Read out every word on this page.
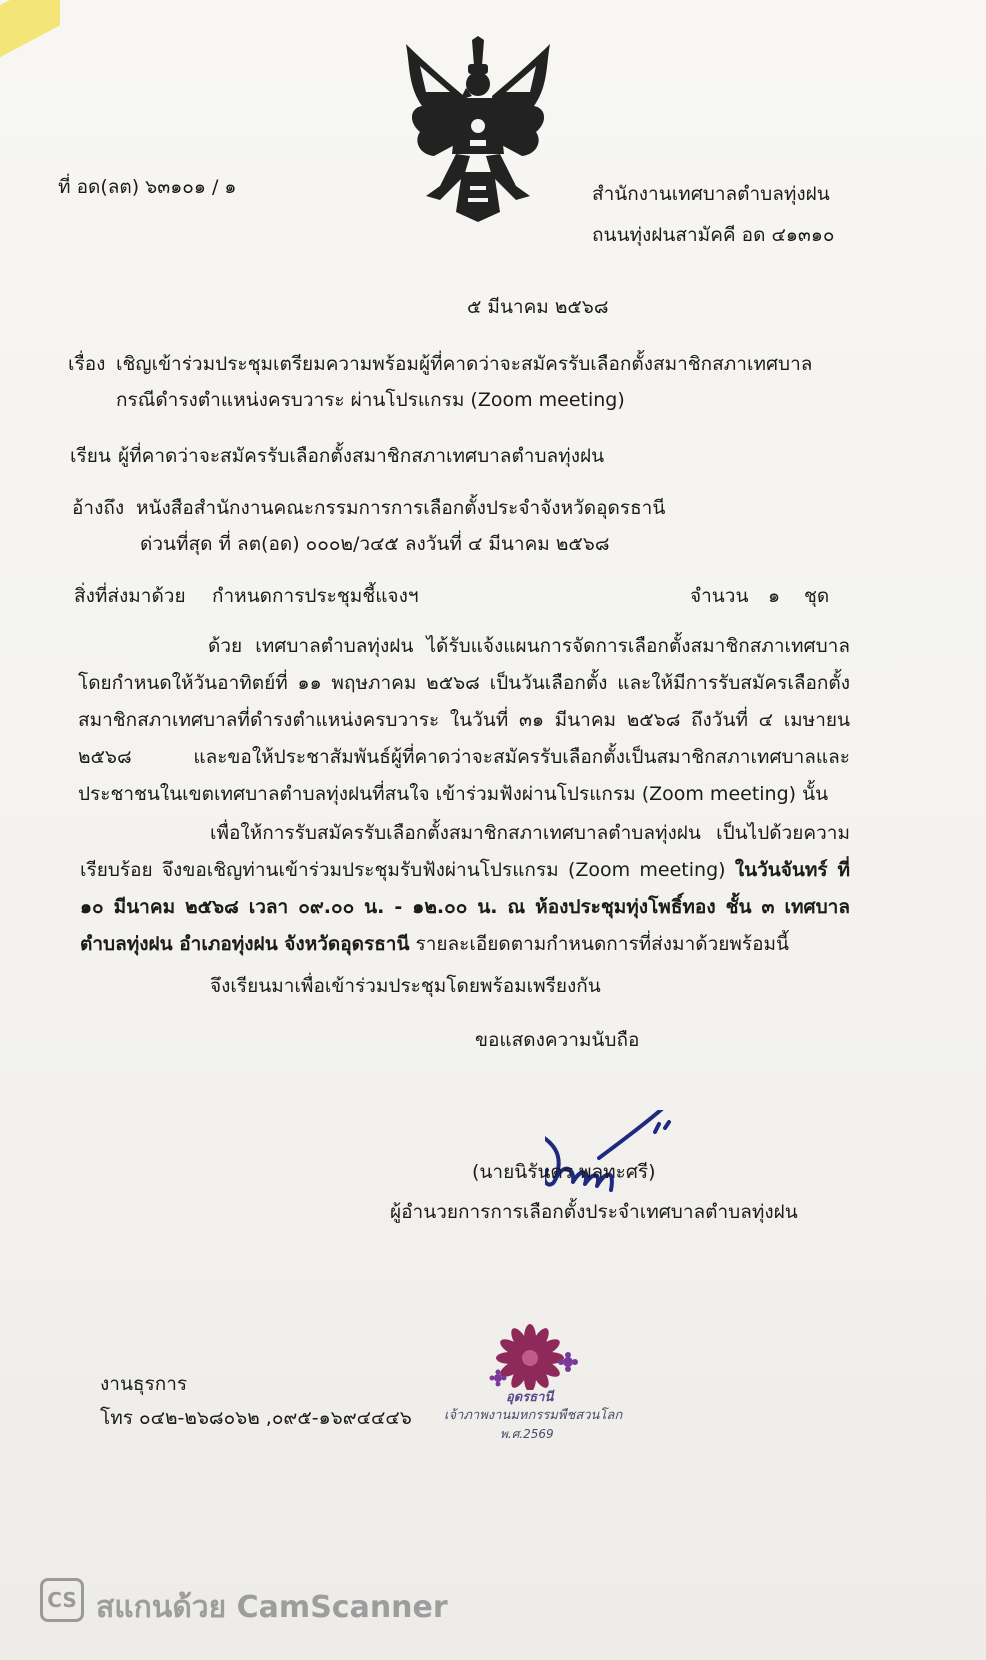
ที่ อด(ลต) ๖๓๑๐๑ / ๑	สำนักงานเทศบาลตำบลทุ่งฝน
ถนนทุ่งฝนสามัคคี อด ๔๑๓๑๐
๕ มีนาคม ๒๕๖๘
เรื่อง เชิญเข้าร่วมประชุมเตรียมความพร้อมผู้ที่คาดว่าจะสมัครรับเลือกตั้งสมาชิกสภาเทศบาล
กรณีดำรงตำแหน่งครบวาระ ผ่านโปรแกรม (Zoom meeting)
เรียน ผู้ที่คาดว่าจะสมัครรับเลือกตั้งสมาชิกสภาเทศบาลตำบลทุ่งฝน
อ้างถึง หนังสือสำนักงานคณะกรรมการการเลือกตั้งประจำจังหวัดอุดรธานี
ด่วนที่สุด ที่ ลต(อด) ๐๐๐๒/ว๔๕ ลงวันที่ ๔ มีนาคม ๒๕๖๘
สิ่งที่ส่งมาด้วย กำหนดการประชุมชี้แจงฯ	จำนวน ๑ ชุด
ด้วย เทศบาลตำบลทุ่งฝน ได้รับแจ้งแผนการจัดการเลือกตั้งสมาชิกสภาเทศบาล โดยกำหนดให้วันอาทิตย์ที่ ๑๑ พฤษภาคม ๒๕๖๘ เป็นวันเลือกตั้ง และให้มีการรับสมัครเลือกตั้งสมาชิกสภาเทศบาลที่ดำรงตำแหน่งครบวาระ ในวันที่ ๓๑ มีนาคม ๒๕๖๘ ถึงวันที่ ๔ เมษายน ๒๕๖๘ และขอให้ประชาสัมพันธ์ผู้ที่คาดว่าจะสมัครรับเลือกตั้งเป็นสมาชิกสภาเทศบาลและประชาชนในเขตเทศบาลตำบลทุ่งฝนที่สนใจ เข้าร่วมฟังผ่านโปรแกรม (Zoom meeting) นั้น
เพื่อให้การรับสมัครรับเลือกตั้งสมาชิกสภาเทศบาลตำบลทุ่งฝน เป็นไปด้วยความเรียบร้อย จึงขอเชิญท่านเข้าร่วมประชุมรับฟังผ่านโปรแกรม (Zoom meeting) ในวันจันทร์ ที่ ๑๐ มีนาคม ๒๕๖๘ เวลา ๐๙.๐๐ น. - ๑๒.๐๐ น. ณ ห้องประชุมทุ่งโพธิ์ทอง ชั้น ๓ เทศบาลตำบลทุ่งฝน อำเภอทุ่งฝน จังหวัดอุดรธานี รายละเอียดตามกำหนดการที่ส่งมาด้วยพร้อมนี้
จึงเรียนมาเพื่อเข้าร่วมประชุมโดยพร้อมเพรียงกัน
ขอแสดงความนับถือ
(นายนิรันดร พลทะศรี)
ผู้อำนวยการการเลือกตั้งประจำเทศบาลตำบลทุ่งฝน
งานธุรการ
โทร ๐๔๒-๒๖๘๐๖๒ ,๐๙๕-๑๖๙๔๔๔๖
อุดรธานี
เจ้าภาพงานมหกรรมพืชสวนโลก
พ.ศ.2569
CS สแกนด้วย CamScanner
